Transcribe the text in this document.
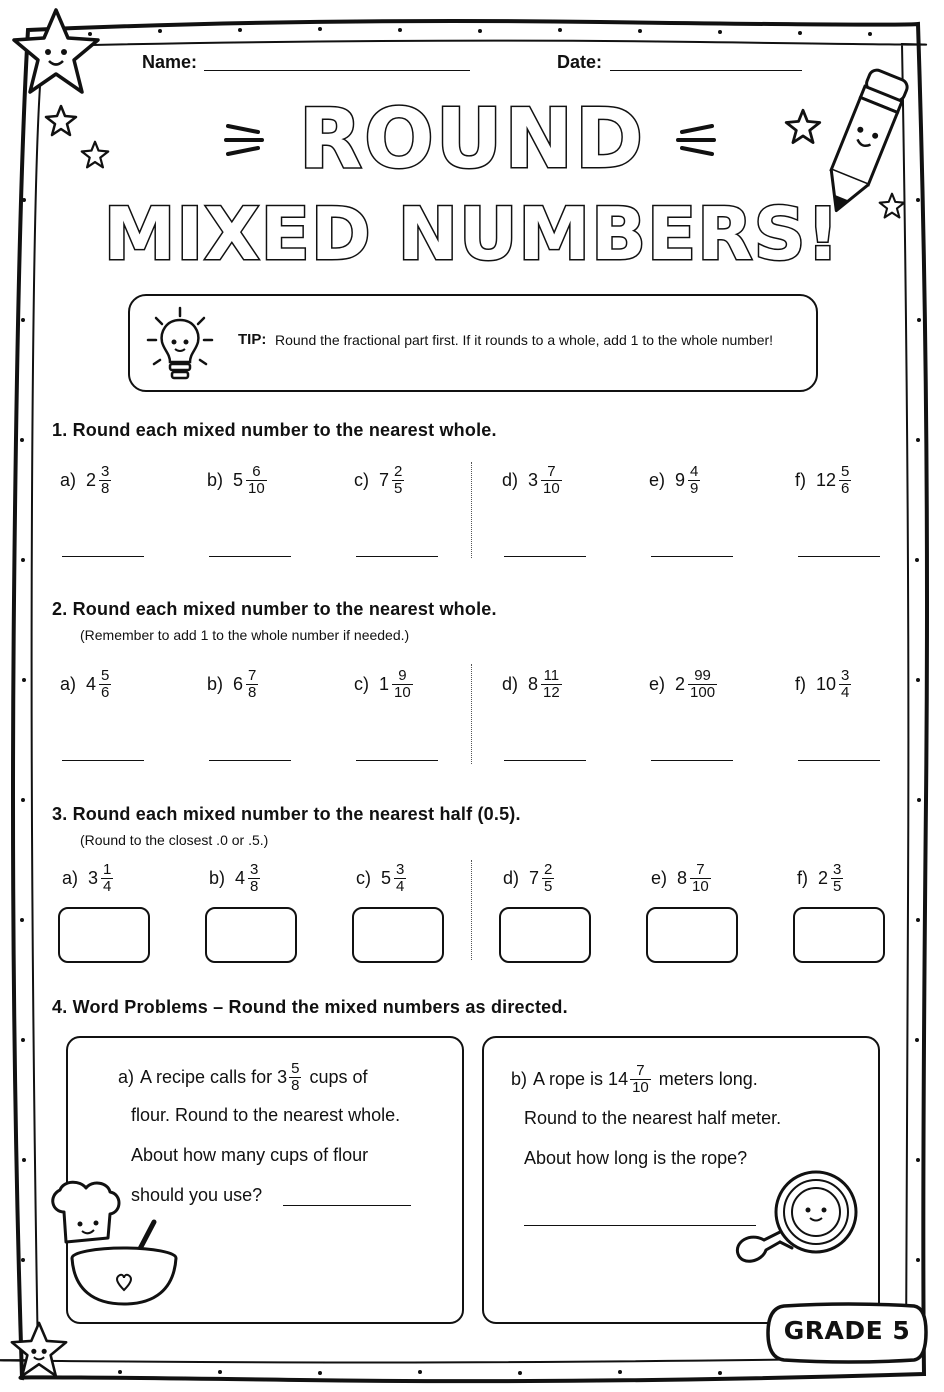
Name:	Date:
ROUND
MIXED NUMBERS!
TIP: Round the fractional part first. If it rounds to a whole, add 1 to the whole number!
1. Round each mixed number to the nearest whole.
2. Round each mixed number to the nearest whole.
(Remember to add 1 to the whole number if needed.)
3. Round each mixed number to the nearest half (0.5).
(Round to the closest .0 or .5.)
4. Word Problems – Round the mixed numbers as directed.
a) $2 \frac{3}{8}$	b) $5 \frac{6}{10}$	c) $7 \frac{2}{5}$	d) $3 \frac{7}{10}$	e) $9 \frac{4}{9}$	f) $12 \frac{5}{6}$
a) $4 \frac{5}{6}$	b) $6 \frac{7}{8}$	c) $1 \frac{9}{10}$	d) $8 \frac{11}{12}$	e) $2 \frac{99}{100}$	f) $10 \frac{3}{4}$
a) $3 \frac{1}{4}$	b) $4 \frac{3}{8}$	c) $5 \frac{3}{4}$	d) $7 \frac{2}{5}$	e) $8 \frac{7}{10}$	f) $2 \frac{3}{5}$
a) A recipe calls for $3 \frac{5}{8}$ cups of
flour. Round to the nearest whole.
About how many cups of flour
should you use?
b) A rope is $14 \frac{7}{10}$ meters long.
Round to the nearest half meter.
About how long is the rope?
GRADE 5
